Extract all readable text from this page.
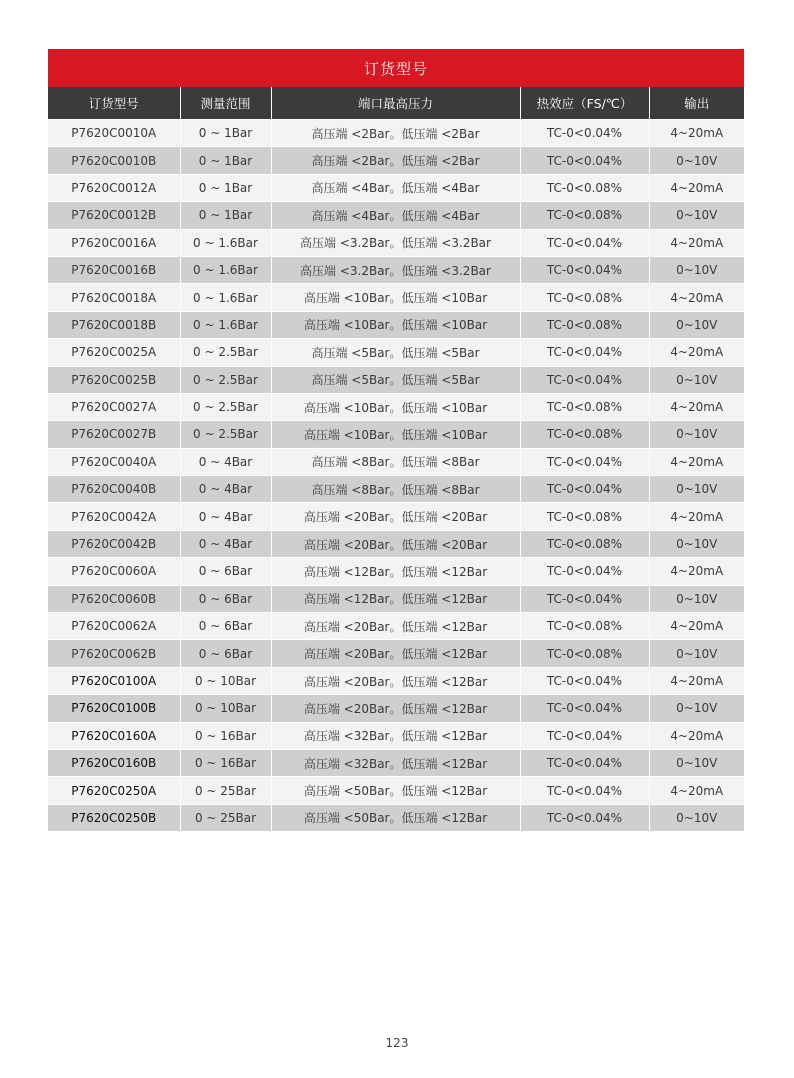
订货型号
订货型号	测量范围	端口最高压力	热效应（FS/℃）	输出
P7620C0010A	0 ~ 1Bar	高压端 <2Bar。低压端 <2Bar	TC-0<0.04%	4~20mA
P7620C0010B	0 ~ 1Bar	高压端 <2Bar。低压端 <2Bar	TC-0<0.04%	0~10V
P7620C0012A	0 ~ 1Bar	高压端 <4Bar。低压端 <4Bar	TC-0<0.08%	4~20mA
P7620C0012B	0 ~ 1Bar	高压端 <4Bar。低压端 <4Bar	TC-0<0.08%	0~10V
P7620C0016A	0 ~ 1.6Bar	高压端 <3.2Bar。低压端 <3.2Bar	TC-0<0.04%	4~20mA
P7620C0016B	0 ~ 1.6Bar	高压端 <3.2Bar。低压端 <3.2Bar	TC-0<0.04%	0~10V
P7620C0018A	0 ~ 1.6Bar	高压端 <10Bar。低压端 <10Bar	TC-0<0.08%	4~20mA
P7620C0018B	0 ~ 1.6Bar	高压端 <10Bar。低压端 <10Bar	TC-0<0.08%	0~10V
P7620C0025A	0 ~ 2.5Bar	高压端 <5Bar。低压端 <5Bar	TC-0<0.04%	4~20mA
P7620C0025B	0 ~ 2.5Bar	高压端 <5Bar。低压端 <5Bar	TC-0<0.04%	0~10V
P7620C0027A	0 ~ 2.5Bar	高压端 <10Bar。低压端 <10Bar	TC-0<0.08%	4~20mA
P7620C0027B	0 ~ 2.5Bar	高压端 <10Bar。低压端 <10Bar	TC-0<0.08%	0~10V
P7620C0040A	0 ~ 4Bar	高压端 <8Bar。低压端 <8Bar	TC-0<0.04%	4~20mA
P7620C0040B	0 ~ 4Bar	高压端 <8Bar。低压端 <8Bar	TC-0<0.04%	0~10V
P7620C0042A	0 ~ 4Bar	高压端 <20Bar。低压端 <20Bar	TC-0<0.08%	4~20mA
P7620C0042B	0 ~ 4Bar	高压端 <20Bar。低压端 <20Bar	TC-0<0.08%	0~10V
P7620C0060A	0 ~ 6Bar	高压端 <12Bar。低压端 <12Bar	TC-0<0.04%	4~20mA
P7620C0060B	0 ~ 6Bar	高压端 <12Bar。低压端 <12Bar	TC-0<0.04%	0~10V
P7620C0062A	0 ~ 6Bar	高压端 <20Bar。低压端 <12Bar	TC-0<0.08%	4~20mA
P7620C0062B	0 ~ 6Bar	高压端 <20Bar。低压端 <12Bar	TC-0<0.08%	0~10V
P7620C0100A	0 ~ 10Bar	高压端 <20Bar。低压端 <12Bar	TC-0<0.04%	4~20mA
P7620C0100B	0 ~ 10Bar	高压端 <20Bar。低压端 <12Bar	TC-0<0.04%	0~10V
P7620C0160A	0 ~ 16Bar	高压端 <32Bar。低压端 <12Bar	TC-0<0.04%	4~20mA
P7620C0160B	0 ~ 16Bar	高压端 <32Bar。低压端 <12Bar	TC-0<0.04%	0~10V
P7620C0250A	0 ~ 25Bar	高压端 <50Bar。低压端 <12Bar	TC-0<0.04%	4~20mA
P7620C0250B	0 ~ 25Bar	高压端 <50Bar。低压端 <12Bar	TC-0<0.04%	0~10V
123
